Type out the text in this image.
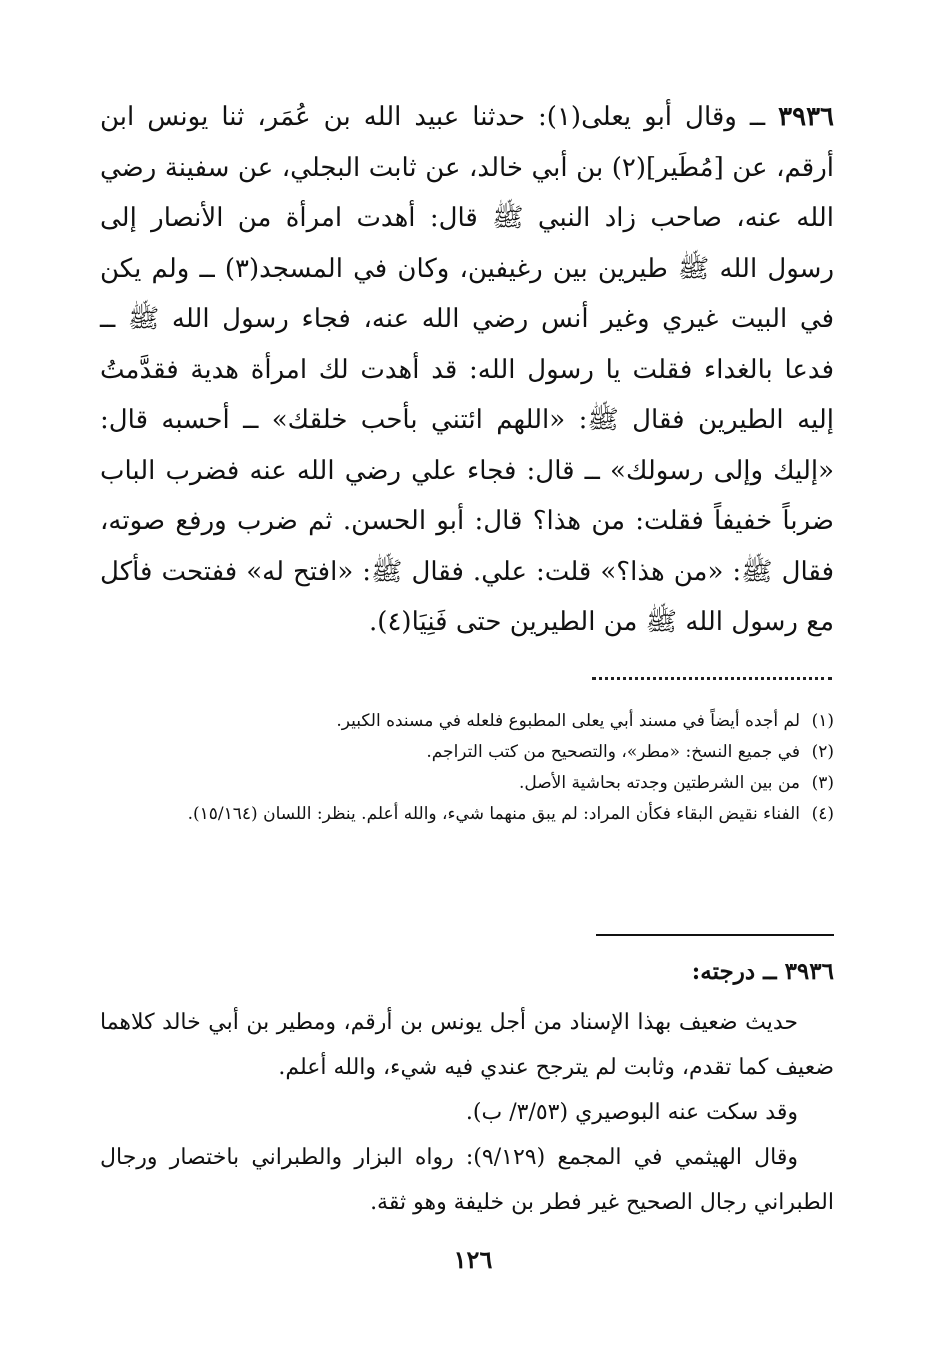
٣٩٣٦ ــ وقال أبو يعلى(١): حدثنا عبيد الله بن عُمَر، ثنا يونس ابن أرقم، عن [مُطَير](٢) بن أبي خالد، عن ثابت البجلي، عن سفينة رضي الله عنه، صاحب زاد النبي ﷺ قال: أهدت امرأة من الأنصار إلى رسول الله ﷺ طيرين بين رغيفين، وكان في المسجد(٣) ــ ولم يكن في البيت غيري وغير أنس رضي الله عنه، فجاء رسول الله ﷺ ــ فدعا بالغداء فقلت يا رسول الله: قد أهدت لك امرأة هدية فقدَّمتُ إليه الطيرين فقال ﷺ: «اللهم ائتني بأحب خلقك» ــ أحسبه قال: «إليك وإلى رسولك» ــ قال: فجاء علي رضي الله عنه فضرب الباب ضرباً خفيفاً فقلت: من هذا؟ قال: أبو الحسن. ثم ضرب ورفع صوته، فقال ﷺ: «من هذا؟» قلت: علي. فقال ﷺ: «افتح له» ففتحت فأكل مع رسول الله ﷺ من الطيرين حتى فَنِيَا(٤).

(١)
لم أجده أيضاً في مسند أبي يعلى المطبوع فلعله في مسنده الكبير.
(٢)
في جميع النسخ: «مطر»، والتصحيح من كتب التراجم.
(٣)
من بين الشرطتين وجدته بحاشية الأصل.
(٤)
الفناء نقيض البقاء فكأن المراد: لم يبق منهما شيء، والله أعلم. ينظر: اللسان (١٥/١٦٤).
٣٩٣٦ ــ درجته:

حديث ضعيف بهذا الإسناد من أجل يونس بن أرقم، ومطير بن أبي خالد كلاهما ضعيف كما تقدم، وثابت لم يترجح عندي فيه شيء، والله أعلم.

وقد سكت عنه البوصيري (٣/٥٣/ ب).

وقال الهيثمي في المجمع (٩/١٢٩): رواه البزار والطبراني باختصار ورجال الطبراني رجال الصحيح غير فطر بن خليفة وهو ثقة.

١٢٦
